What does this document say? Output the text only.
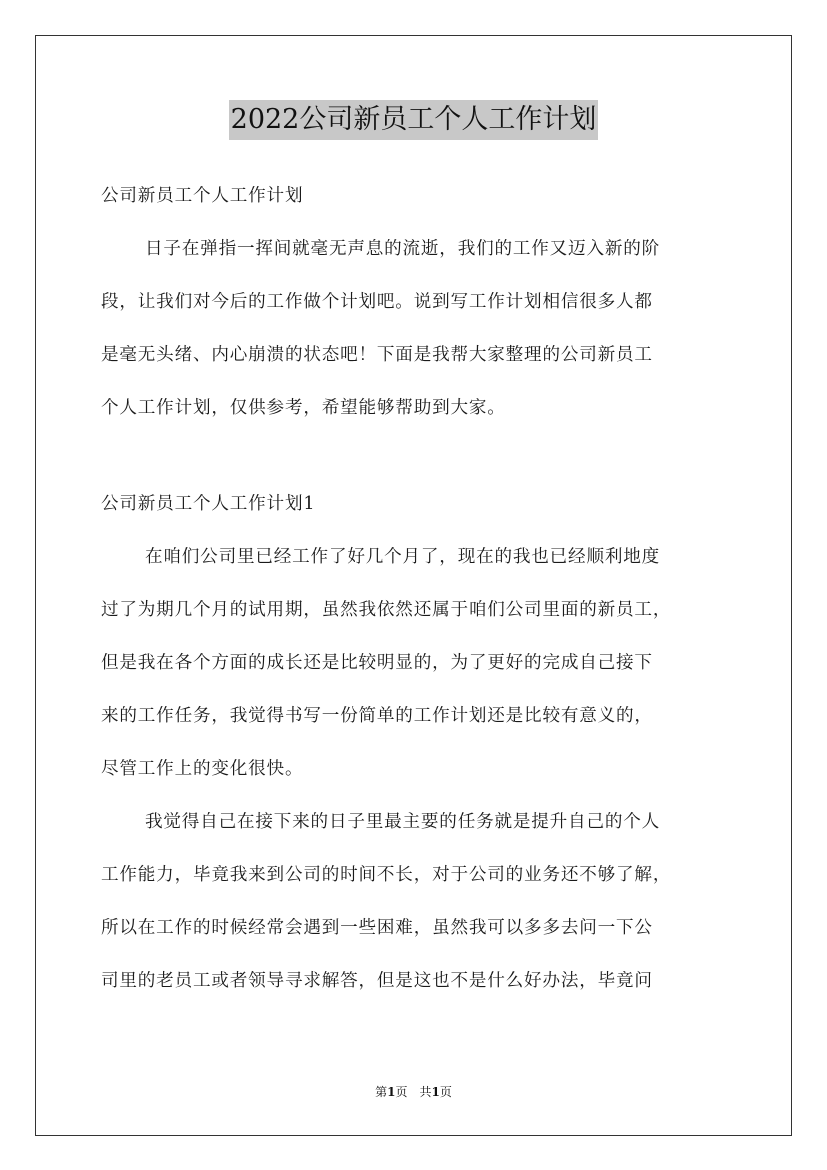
2022公司新员工个人工作计划

公司新员工个人工作计划

日子在弹指一挥间就毫无声息的流逝，我们的工作又迈入新的阶

段，让我们对今后的工作做个计划吧。说到写工作计划相信很多人都

是毫无头绪、内心崩溃的状态吧！下面是我帮大家整理的公司新员工

个人工作计划，仅供参考，希望能够帮助到大家。

公司新员工个人工作计划1

在咱们公司里已经工作了好几个月了，现在的我也已经顺利地度

过了为期几个月的试用期，虽然我依然还属于咱们公司里面的新员工，

但是我在各个方面的成长还是比较明显的，为了更好的完成自己接下

来的工作任务，我觉得书写一份简单的工作计划还是比较有意义的，

尽管工作上的变化很快。

我觉得自己在接下来的日子里最主要的任务就是提升自己的个人

工作能力，毕竟我来到公司的时间不长，对于公司的业务还不够了解，

所以在工作的时候经常会遇到一些困难，虽然我可以多多去问一下公

司里的老员工或者领导寻求解答，但是这也不是什么好办法，毕竟问

第1页　共1页
